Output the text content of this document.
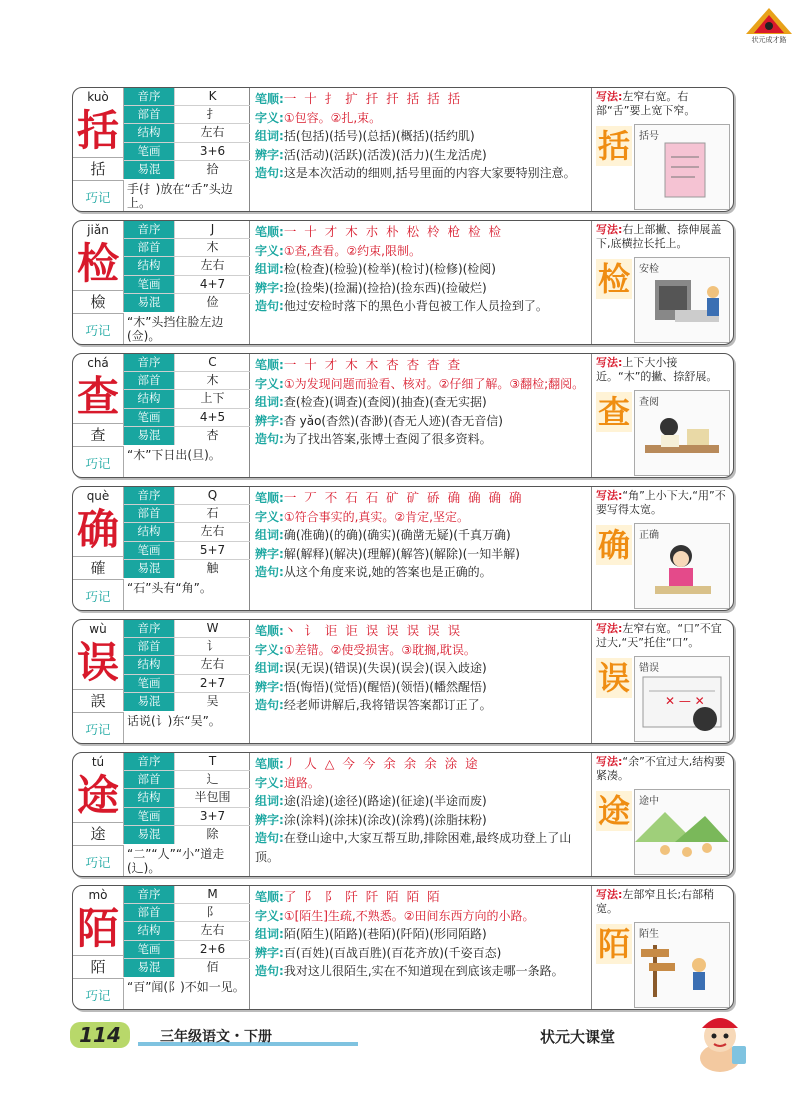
状元成才路
kuò
括
括
音序	K
部首	扌
结构	左右
笔画	3+6
易混	拾
巧记
手(扌)放在“舌”头边上。
笔顺:一 十 扌 扩 扦 扦 括 括 括
字义:①包容。②扎,束。
组词:括(包括)(括号)(总括)(概括)(括约肌)
辨字:活(活动)(活跃)(活泼)(活力)(生龙活虎)
造句:这是本次活动的细则,括号里面的内容大家要特别注意。
写法:左窄右宽。右部“舌”要上宽下窄。
括 括号
jiǎn
检
檢
音序	J
部首	木
结构	左右
笔画	4+7
易混	俭
巧记
“木”头挡住脸左边(佥)。
笔顺:一 十 才 木 朩 朴 松 柃 枪 检 检
字义:①查,查看。②约束,限制。
组词:检(检查)(检验)(检举)(检讨)(检修)(检阅)
辨字:捡(捡柴)(捡漏)(捡拾)(捡东西)(捡破烂)
造句:他过安检时落下的黑色小背包被工作人员捡到了。
写法:右上部撇、捺伸展盖下,底横拉长托上。
检 安检
chá
查
查
音序	C
部首	木
结构	上下
笔画	4+5
易混	杏
巧记
“木”下日出(旦)。
笔顺:一 十 才 木 木 杏 杏 杳 查
字义:①为发现问题而验看、核对。②仔细了解。③翻检;翻阅。
组词:查(检查)(调查)(查阅)(抽查)(查无实据)
辨字:杳 yǎo(杳然)(杳渺)(杳无人迹)(杳无音信)
造句:为了找出答案,张博士查阅了很多资料。
写法:上下大小接近。“木”的撇、捺舒展。
查 查阅
què
确
確
音序	Q
部首	石
结构	左右
笔画	5+7
易混	触
巧记
“石”头有“角”。
笔顺:一 丆 不 石 石 矿 矿 硚 确 确 确 确
字义:①符合事实的,真实。②肯定,坚定。
组词:确(准确)(的确)(确实)(确凿无疑)(千真万确)
辨字:解(解释)(解决)(理解)(解答)(解除)(一知半解)
造句:从这个角度来说,她的答案也是正确的。
写法:“角”上小下大,“用”不要写得太宽。
确 正确
wù
误
誤
音序	W
部首	讠
结构	左右
笔画	2+7
易混	吴
巧记
话说(讠)东“吴”。
笔顺:丶 讠 讵 讵 误 误 误 误 误
字义:①差错。②使受损害。③耽搁,耽误。
组词:误(无误)(错误)(失误)(误会)(误入歧途)
辨字:悟(悔悟)(觉悟)(醒悟)(领悟)(幡然醒悟)
造句:经老师讲解后,我将错误答案都订正了。
写法:左窄右宽。“口”不宜过大,“天”托住“口”。
误 错误
✕ — ✕
tú
途
途
音序	T
部首	辶
结构	半包围
笔画	3+7
易混	除
巧记
“二”“人”“小”道走(辶)。
笔顺:丿 人 △ 今 今 余 余 余 涂 途
字义:道路。
组词:途(沿途)(途径)(路途)(征途)(半途而废)
辨字:涂(涂料)(涂抹)(涂改)(涂鸦)(涂脂抹粉)
造句:在登山途中,大家互帮互助,排除困难,最终成功登上了山顶。
写法:“余”不宜过大,结构要紧凑。
途 途中
mò
陌
陌
音序	M
部首	阝
结构	左右
笔画	2+6
易混	佰
巧记
“百”闻(阝)不如一见。
笔顺:了 阝 阝 阡 阡 陌 陌 陌
字义:①[陌生]生疏,不熟悉。②田间东西方向的小路。
组词:陌(陌生)(陌路)(巷陌)(阡陌)(形同陌路)
辨字:百(百姓)(百战百胜)(百花齐放)(千姿百态)
造句:我对这儿很陌生,实在不知道现在到底该走哪一条路。
写法:左部窄且长;右部稍宽。
陌 陌生
114	三年级语文・下册	状元大课堂
